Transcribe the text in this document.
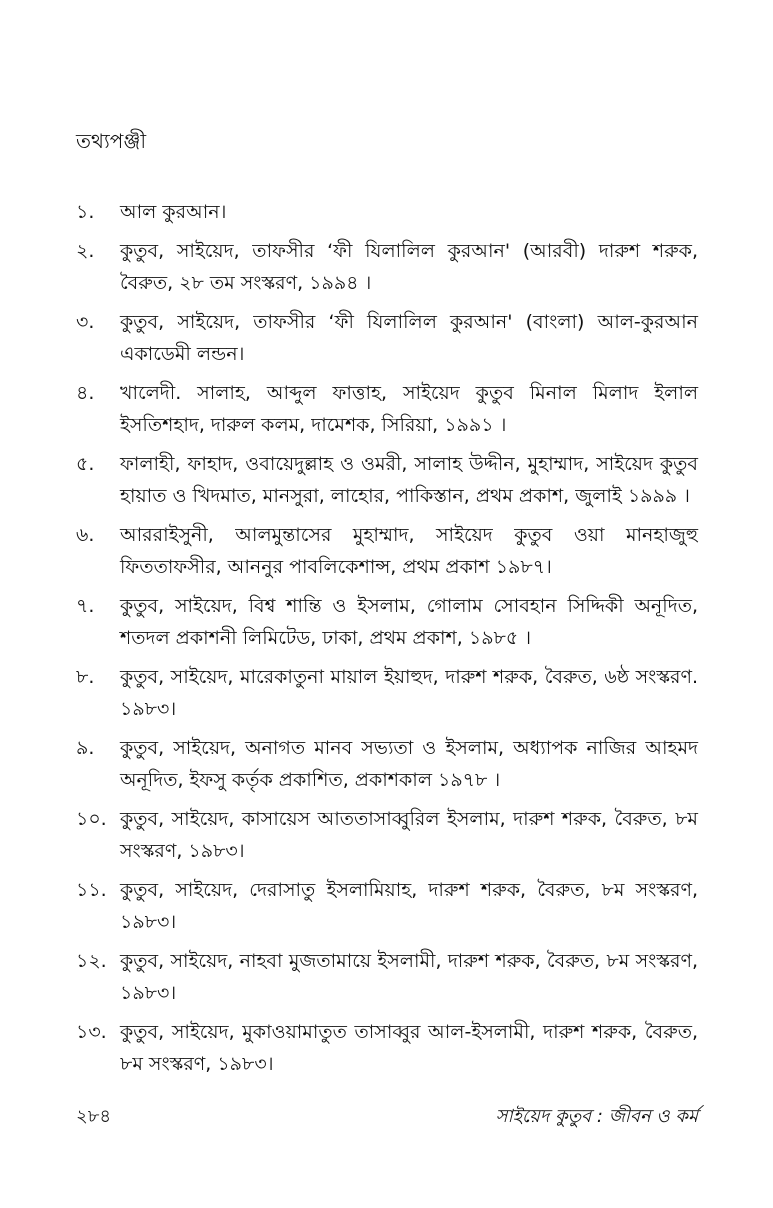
তথ্যপঞ্জী
১.	আল কুরআন।
২.	কুতুব, সাইয়েদ, তাফসীর ‘ফী যিলালিল কুরআন' (আরবী) দারুশ শরুক, বৈরুত, ২৮ তম সংস্করণ, ১৯৯৪ ।
৩.	কুতুব, সাইয়েদ, তাফসীর ‘ফী যিলালিল কুরআন' (বাংলা) আল-কুরআন একাডেমী লন্ডন।
৪.	খালেদী. সালাহ, আব্দুল ফাত্তাহ, সাইয়েদ কুতুব মিনাল মিলাদ ইলাল ইসতিশহাদ, দারুল কলম, দামেশক, সিরিয়া, ১৯৯১ ।
৫.	ফালাহী, ফাহাদ, ওবায়েদুল্লাহ ও ওমরী, সালাহ উদ্দীন, মুহাম্মাদ, সাইয়েদ কুতুব হায়াত ও খিদমাত, মানসুরা, লাহোর, পাকিস্তান, প্রথম প্রকাশ, জুলাই ১৯৯৯ ।
৬.	আররাইসুনী, আলমুন্তাসের মুহাম্মাদ, সাইয়েদ কুতুব ওয়া মানহাজুহু ফিততাফসীর, আননুর পাবলিকেশান্স, প্রথম প্রকাশ ১৯৮৭।
৭.	কুতুব, সাইয়েদ, বিশ্ব শান্তি ও ইসলাম, গোলাম সোবহান সিদ্দিকী অনূদিত, শতদল প্রকাশনী লিমিটেড, ঢাকা, প্রথম প্রকাশ, ১৯৮৫ ।
৮.	কুতুব, সাইয়েদ, মারেকাতুনা মায়াল ইয়াহুদ, দারুশ শরুক, বৈরুত, ৬ষ্ঠ সংস্করণ. ১৯৮৩।
৯.	কুতুব, সাইয়েদ, অনাগত মানব সভ্যতা ও ইসলাম, অধ্যাপক নাজির আহমদ অনূদিত, ইফসু কর্তৃক প্রকাশিত, প্রকাশকাল ১৯৭৮ ।
১০. কুতুব, সাইয়েদ, কাসায়েস আততাসাব্বুরিল ইসলাম, দারুশ শরুক, বৈরুত, ৮ম সংস্করণ, ১৯৮৩।
১১. কুতুব, সাইয়েদ, দেরাসাতু ইসলামিয়াহ, দারুশ শরুক, বৈরুত, ৮ম সংস্করণ, ১৯৮৩।
১২. কুতুব, সাইয়েদ, নাহবা মুজতামায়ে ইসলামী, দারুশ শরুক, বৈরুত, ৮ম সংস্করণ, ১৯৮৩।
১৩. কুতুব, সাইয়েদ, মুকাওয়ামাতুত তাসাব্বুর আল-ইসলামী, দারুশ শরুক, বৈরুত, ৮ম সংস্করণ, ১৯৮৩।
২৮৪	সাইয়েদ কুতুব : জীবন ও কর্ম
